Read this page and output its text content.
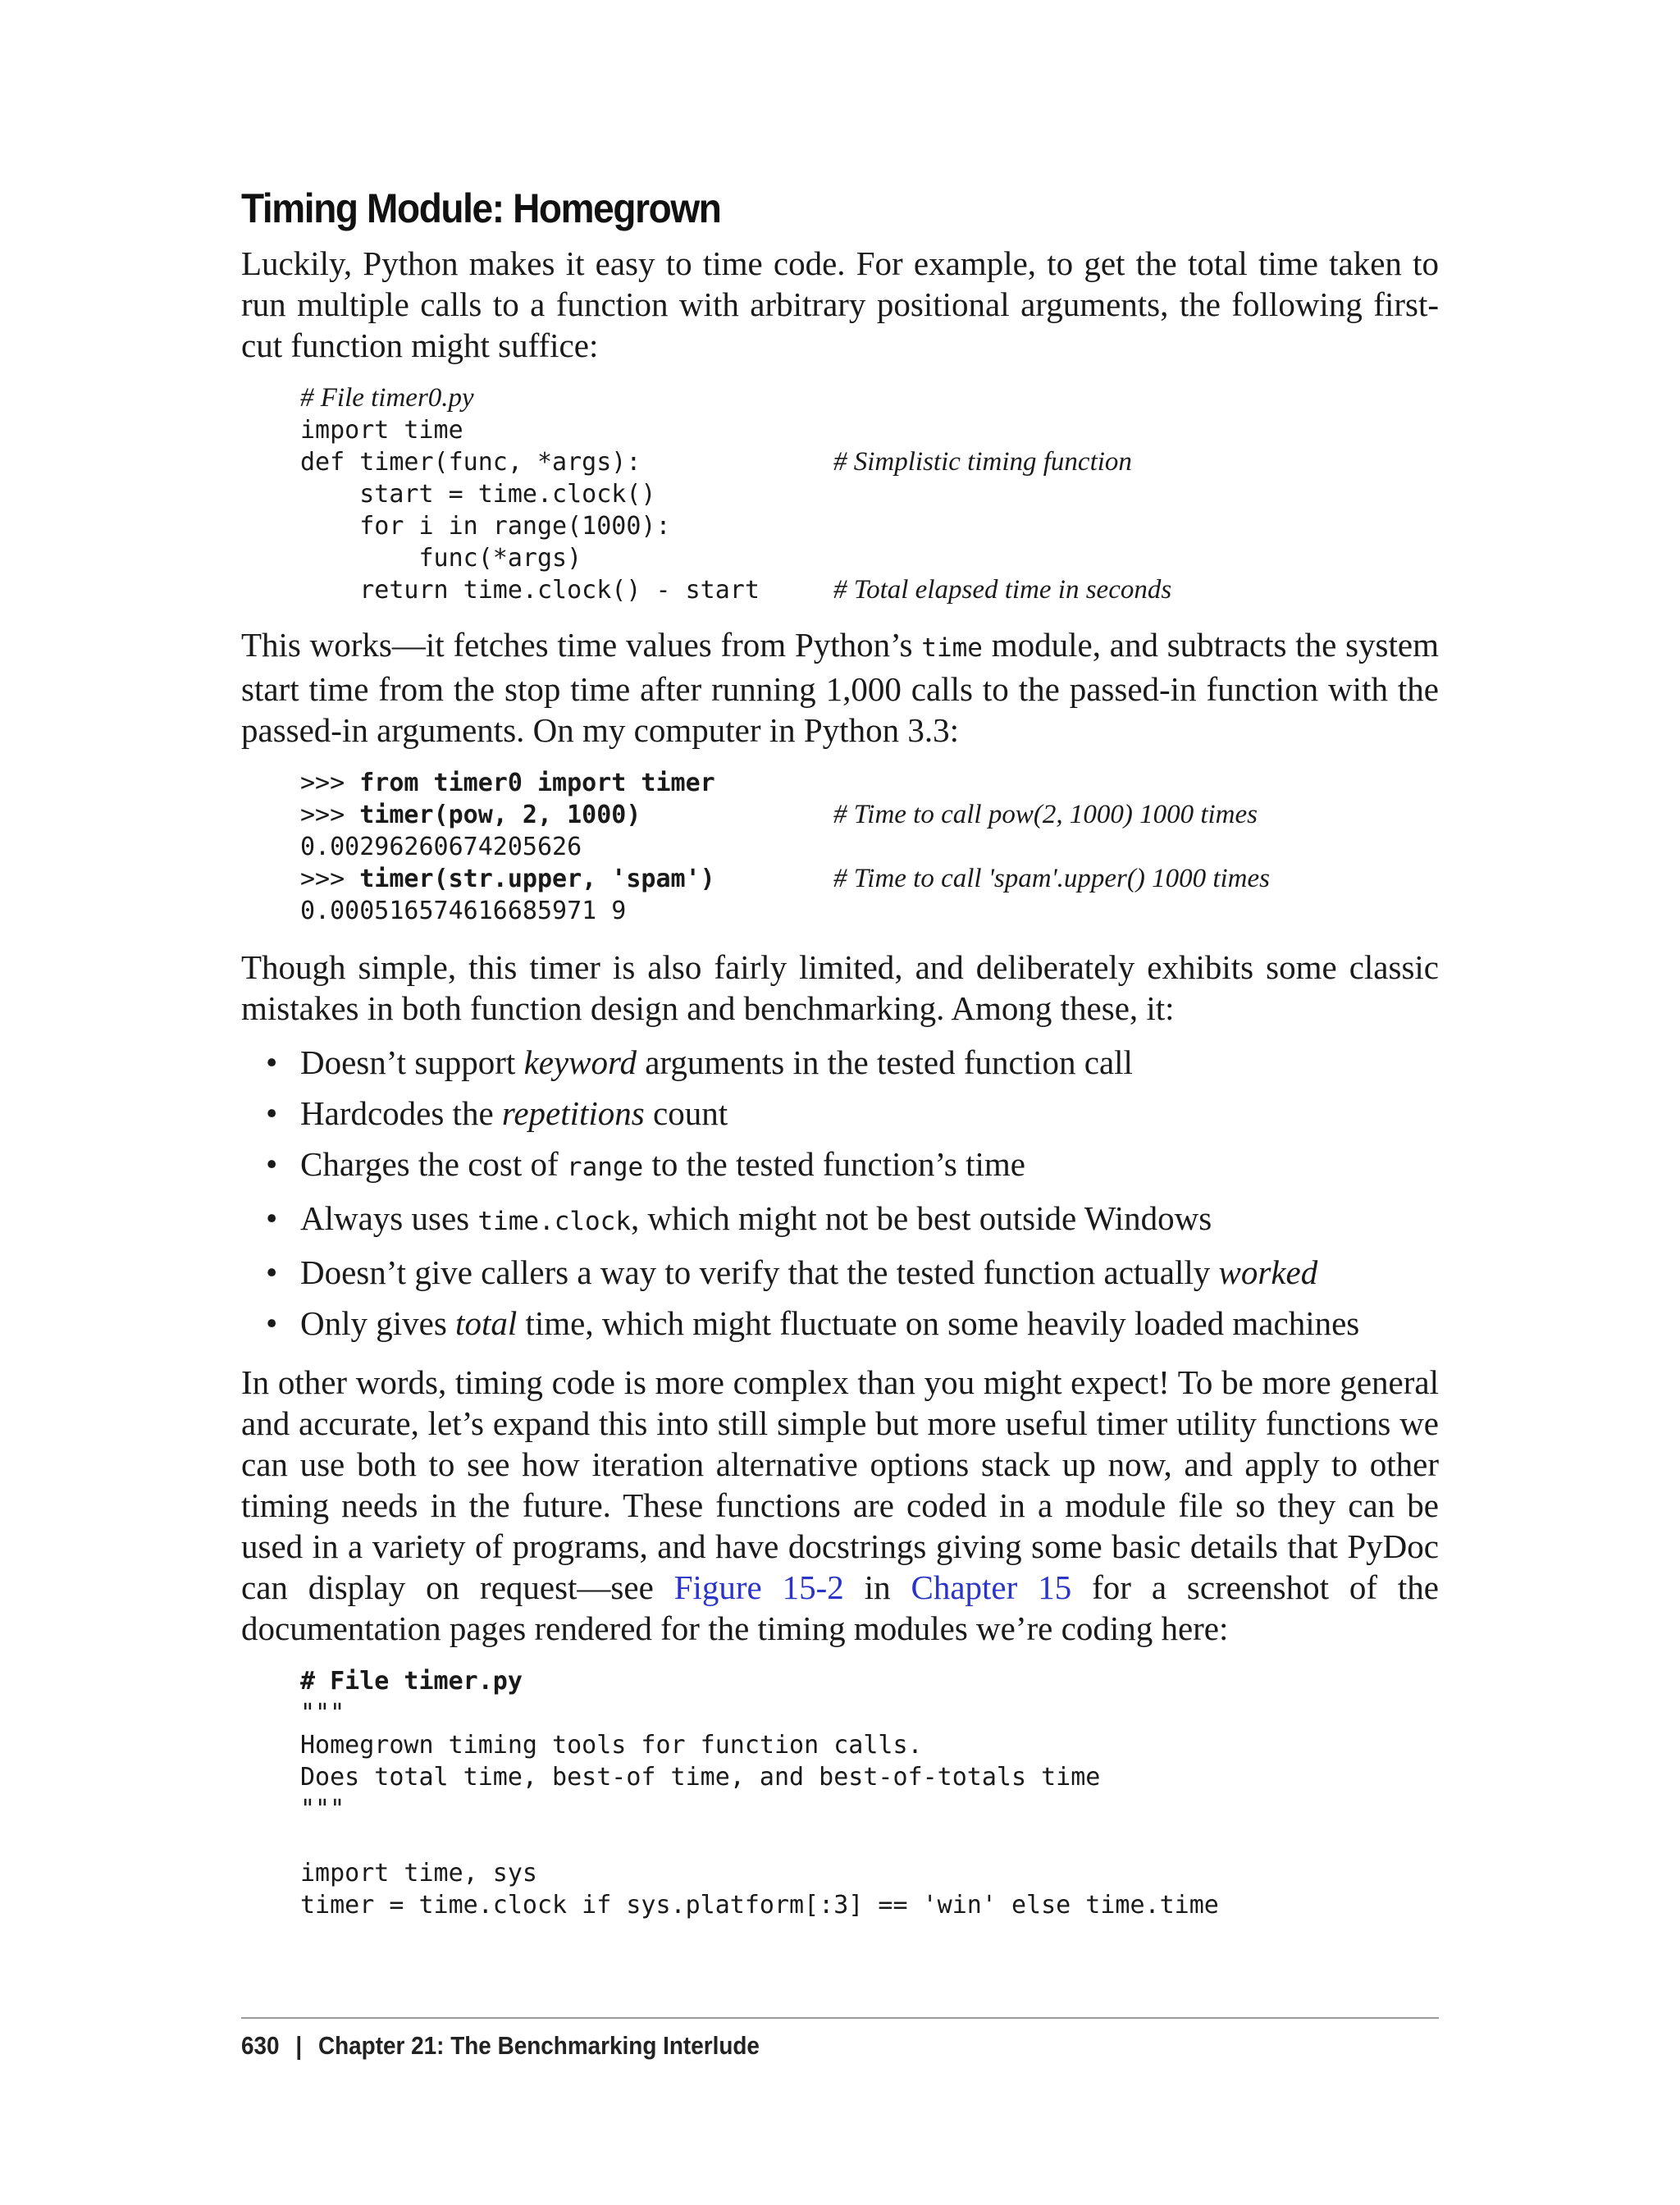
Timing Module: Homegrown

Luckily, Python makes it easy to time code. For example, to get the total time taken to run multiple calls to a function with arbitrary positional arguments, the following first-cut function might suffice:

# File timer0.py
import time
def timer(func, *args):	# Simplistic timing function
start = time.clock()
for i in range(1000):
func(*args)
return time.clock() - start	# Total elapsed time in seconds

This works—it fetches time values from Python’s time module, and subtracts the system start time from the stop time after running 1,000 calls to the passed-in function with the passed-in arguments. On my computer in Python 3.3:

>>> from timer0 import timer
>>> timer(pow, 2, 1000)	# Time to call pow(2, 1000) 1000 times
0.00296260674205626
>>> timer(str.upper, 'spam')	# Time to call 'spam'.upper() 1000 times
0.000516574616685971 9

Though simple, this timer is also fairly limited, and deliberately exhibits some classic mistakes in both function design and benchmarking. Among these, it:

• Doesn’t support keyword arguments in the tested function call
• Hardcodes the repetitions count
• Charges the cost of range to the tested function’s time
• Always uses time.clock, which might not be best outside Windows
• Doesn’t give callers a way to verify that the tested function actually worked
• Only gives total time, which might fluctuate on some heavily loaded machines

In other words, timing code is more complex than you might expect! To be more general and accurate, let’s expand this into still simple but more useful timer utility functions we can use both to see how iteration alternative options stack up now, and apply to other timing needs in the future. These functions are coded in a module file so they can be used in a variety of programs, and have docstrings giving some basic details that PyDoc can display on request—see Figure 15-2 in Chapter 15 for a screenshot of the documentation pages rendered for the timing modules we’re coding here:

# File timer.py
"""
Homegrown timing tools for function calls.
Does total time, best-of time, and best-of-totals time
"""
import time, sys
timer = time.clock if sys.platform[:3] == 'win' else time.time
630 | Chapter 21: The Benchmarking Interlude
